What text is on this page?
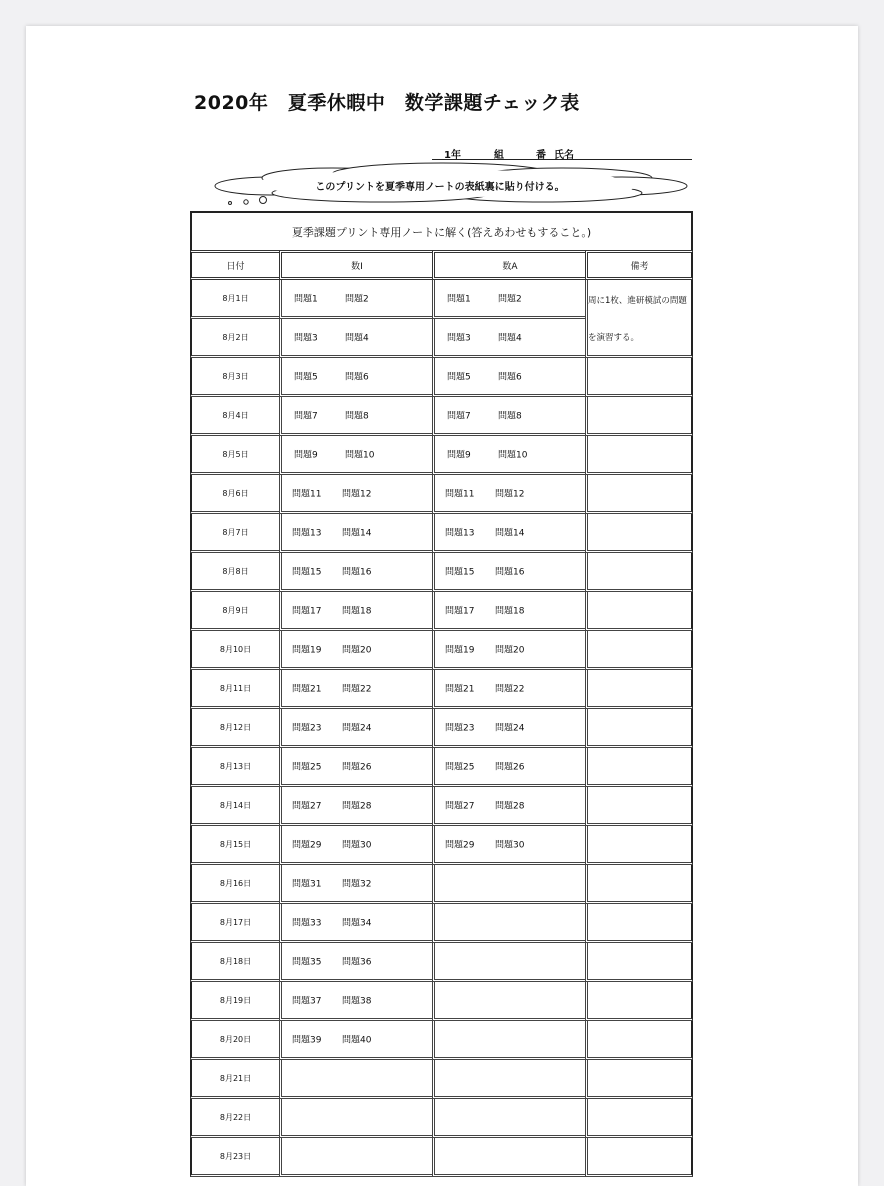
2020年　夏季休暇中　数学課題チェック表
1年	組	番 氏名
このプリントを夏季専用ノートの表紙裏に貼り付ける。
夏季課題プリント専用ノートに解く(答えあわせもすること。)			
日付	数I	数A	備考
8月1日	問題1 問題2	問題1 問題2	周に1枚、進研模試の問題
8月2日	問題3 問題4	問題3 問題4	を演習する。
8月3日	問題5 問題6	問題5 問題6	

8月4日	問題7 問題8	問題7 問題8	

8月5日	問題9 問題10	問題9 問題10	

8月6日	問題11 問題12	問題11 問題12	

8月7日	問題13 問題14	問題13 問題14	

8月8日	問題15 問題16	問題15 問題16	

8月9日	問題17 問題18	問題17 問題18	

8月10日	問題19 問題20	問題19 問題20	

8月11日	問題21 問題22	問題21 問題22	

8月12日	問題23 問題24	問題23 問題24	

8月13日	問題25 問題26	問題25 問題26	

8月14日	問題27 問題28	問題27 問題28	

8月15日	問題29 問題30	問題29 問題30	

8月16日	問題31 問題32		

8月17日	問題33 問題34		

8月18日	問題35 問題36		

8月19日	問題37 問題38		

8月20日	問題39 問題40		

8月21日	

8月22日	

8月23日	
